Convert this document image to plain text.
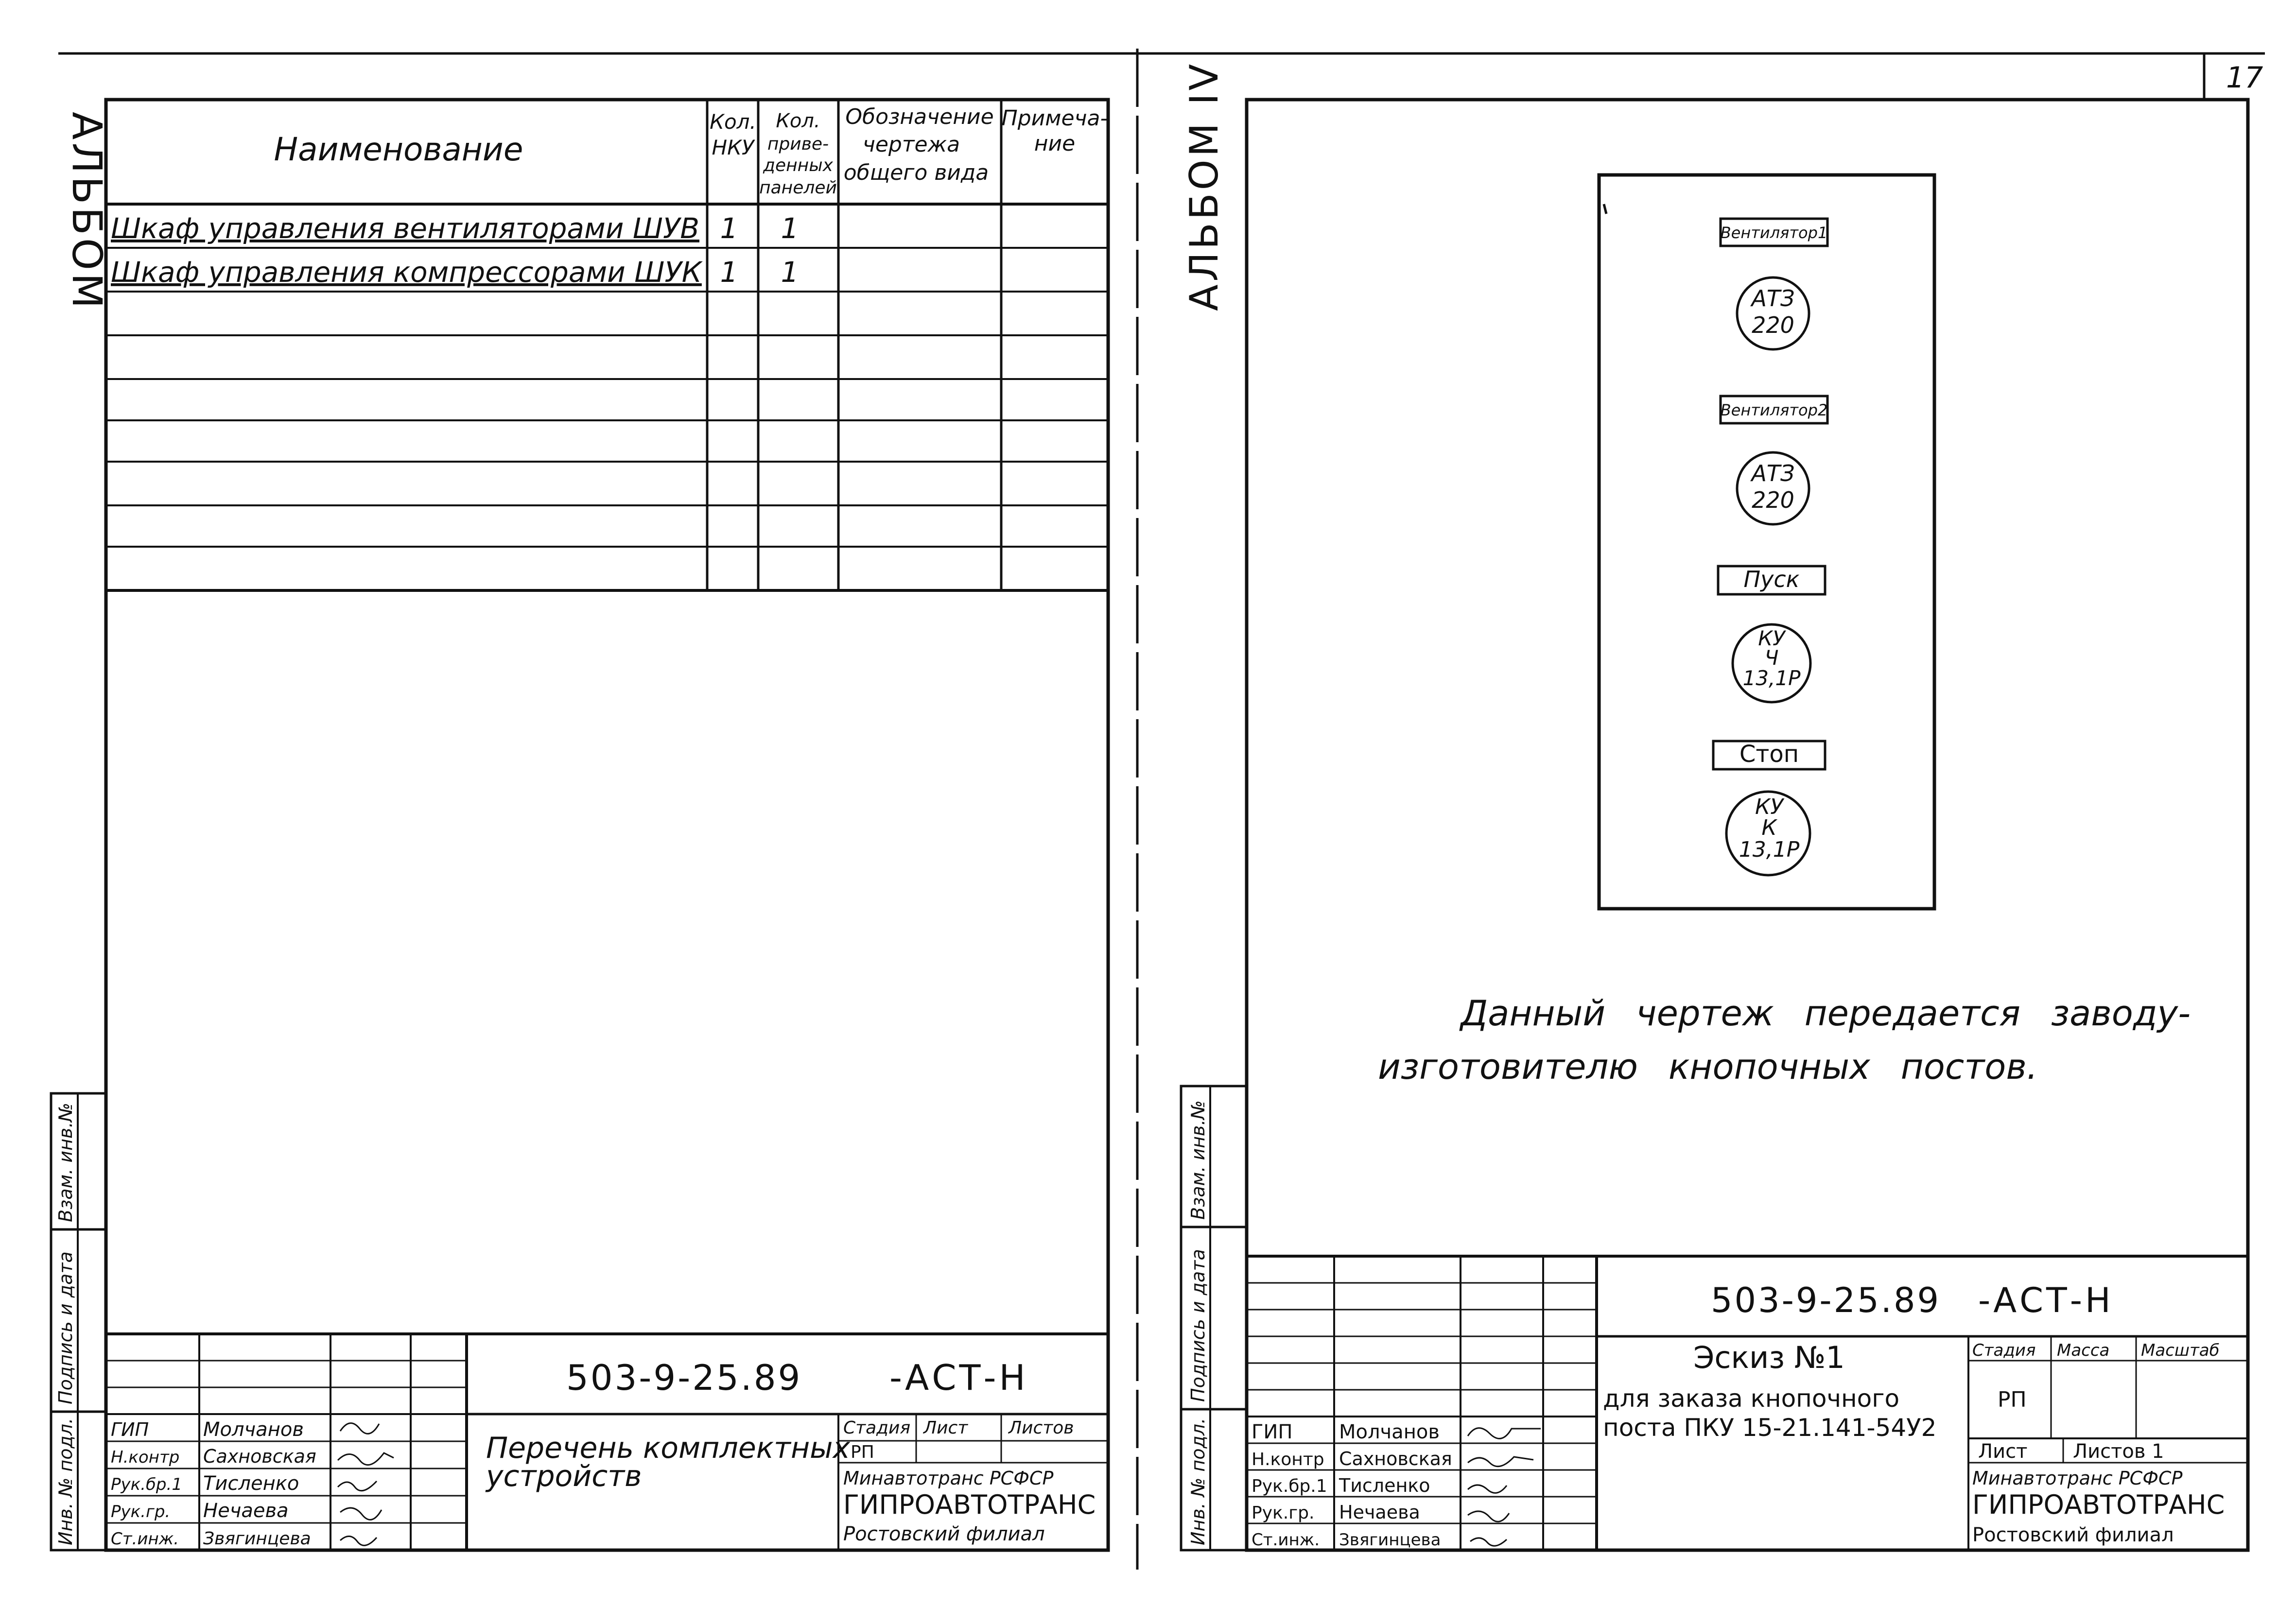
17
АЛЬБОМ	Наименование
Кол.
НКУ
Кол.
приве-
денных
панелей
Обозначение
чертежа
общего вида
Примеча-
ние
Шкаф управления вентиляторами ШУВ 1 1
Шкаф управления компрессорами ШУК 1 1
Взам. инв.№
Подпись и дата
Инв. № подл.
503-9-25.89 -АСТ-Н
ГИП
Н.контр
Рук.бр.1
Рук.гр.
Ст.инж.
Молчанов
Сахновская
Тисленко
Нечаева
Звягинцева
Перечень комплектных
устройств
Стадия Лист Листов
РП
Минавтотранс РСФСР
ГИПРОАВТОТРАНС
Ростовский филиал
АЛЬБОМ IV	Вентилятор1
АТЗ
220
Вентилятор2
АТЗ
220
Пуск
КУ
Ч
13,1Р
Стоп
КУ
К
13,1Р
Данный чертеж передается заводу-
изготовителю кнопочных постов.
Взам. инв.№
Подпись и дата
Инв. № подл.
503-9-25.89 -АСТ-Н
ГИП
Н.контр
Рук.бр.1
Рук.гр.
Ст.инж.
Молчанов
Сахновская
Тисленко
Нечаева
Звягинцева
Эскиз №1
для заказа кнопочного
поста ПКУ 15-21.141-54У2
Стадия Масса Масштаб
РП
Лист Листов 1
Минавтотранс РСФСР
ГИПРОАВТОТРАНС
Ростовский филиал
